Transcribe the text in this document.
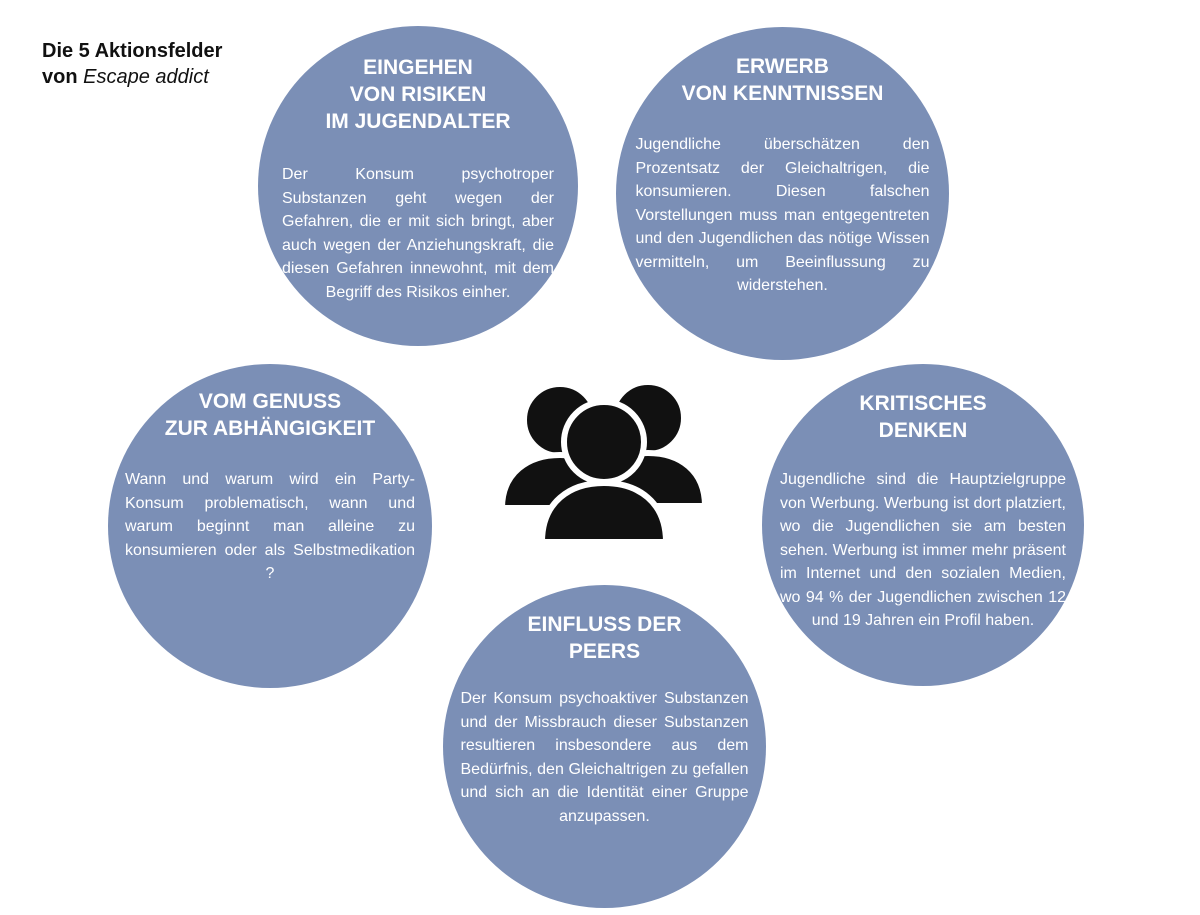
Die 5 Aktionsfelder
von Escape addict	EINGEHEN
VON RISIKEN
IM JUGENDALTER
Der Konsum psychotroper Substanzen geht wegen der Gefahren, die er mit sich bringt, aber auch wegen der Anziehungskraft, die diesen Gefahren innewohnt, mit dem Begriff des Risikos einher.
ERWERB
VON KENNTNISSEN
Jugendliche überschätzen den Prozentsatz der Gleichaltrigen, die konsumieren. Diesen falschen Vorstellungen muss man entgegentreten und den Jugendlichen das nötige Wissen vermitteln, um Beeinflussung zu widerstehen.
VOM GENUSS
ZUR ABHÄNGIGKEIT
Wann und warum wird ein Party-Konsum problematisch, wann und warum beginnt man alleine zu konsumieren oder als Selbstmedikation ?
KRITISCHES
DENKEN
Jugendliche sind die Hauptzielgruppe von Werbung. Werbung ist dort platziert, wo die Jugendlichen sie am besten sehen. Werbung ist immer mehr präsent im Internet und den sozialen Medien, wo 94 % der Jugendlichen zwischen 12 und 19 Jahren ein Profil haben.
EINFLUSS DER
PEERS
Der Konsum psychoaktiver Substanzen und der Missbrauch dieser Substanzen resultieren insbesondere aus dem Bedürfnis, den Gleichaltrigen zu gefallen und sich an die Identität einer Gruppe anzupassen.
